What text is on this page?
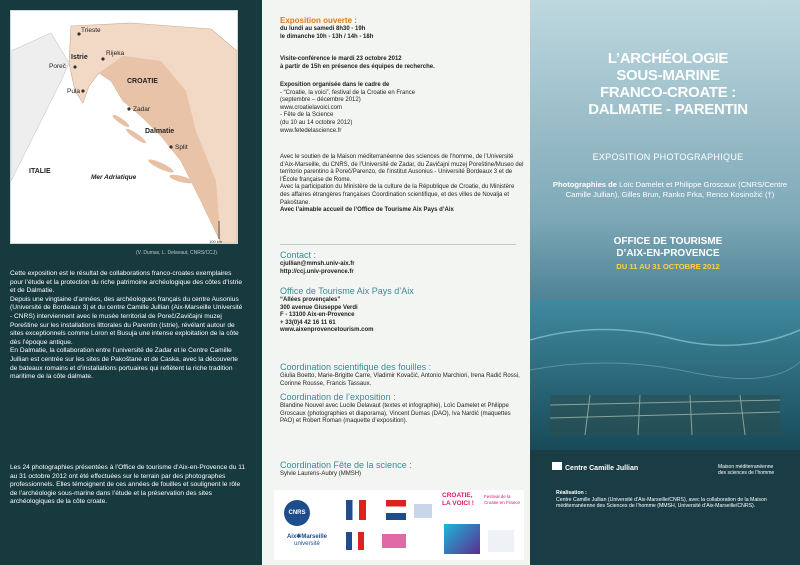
100 km
Trieste
Istrie
Rijeka
Poreč
Pula
CROATIE
Zadar
Dalmatie
Split
ITALIE
Mer Adriatique
(V. Dumas, L. Delavaut, CNRS/CCJ).

Cette exposition est le résultat de collaborations franco-croates exemplaires pour l’étude et la protection du riche patrimoine archéologique des côtes d’Istrie et de Dalmatie.

Depuis une vingtaine d’années, des archéologues français du centre Ausonius (Université de Bordeaux 3) et du centre Camille Jullian (Aix-Marseille Université - CNRS) interviennent avec le musée territorial de Poreč/Zavičajni muzej Poreštine sur les installations littorales du Parentin (Istrie), révélant autour de sites exceptionnels comme Loron et Busuja une intense exploitation de la côte dès l’époque antique.

En Dalmatie, la collaboration entre l’université de Zadar et le Centre Camille Jullian est centrée sur les sites de Pakoštane et de Caska, avec la découverte de bateaux romains et d’installations portuaires qui reflètent la riche tradition maritime de la côte dalmate.

Les 24 photographies présentées à l’Office de tourisme d’Aix-en-Provence du 11 au 31 octobre 2012 ont été effectuées sur le terrain par des photographes professionnels. Elles témoignent de ces années de fouilles et soulignent le rôle de l’archéologie sous-marine dans l’étude et la préservation des sites archéologiques de la côte croate.

Exposition ouverte :

du lundi au samedi 8h30 - 19h

le dimanche 10h - 13h / 14h - 18h

Visite-conférence le mardi 23 octobre 2012

à partir de 15h en présence des équipes de recherche.

Exposition organisée dans le cadre de

- “Croatie, la voici”, festival de la Croatie en France

(septembre – décembre 2012)

www.croatielavoici.com

- Fête de la Science

(du 10 au 14 octobre 2012)

www.fetedelascience.fr

Avec le soutien de la Maison méditerranéenne des sciences de l’homme, de l’Université d’Aix-Marseille, du CNRS, de l’Université de Zadar, du Zavičajni muzej Poreštine/Museo del territorio parentino à Poreč/Parenzo, de l’institut Ausonius - Université Bordeaux 3 et de l’École française de Rome.

Avec la participation du Ministère de la culture de la République de Croatie, du Ministère des affaires étrangères françaises Coordination scientifique, et des villes de Novalja et Pakoštane.

Avec l’aimable accueil de l’Office de Tourisme Aix Pays d’Aix

Contact :

cjullian@mmsh.univ-aix.fr

http://ccj.univ-provence.fr

Office de Tourisme Aix Pays d’Aix

“Allées provençales”

300 avenue Giuseppe Verdi

F - 13100 Aix-en-Provence

+ 33(0)4 42 16 11 61

www.aixenprovencetourism.com

Coordination scientifique des fouilles :

Giulia Boetto, Marie-Brigitte Carre, Vladimir Kovačić, Antonio Marchiori, Irena Radić Rossi, Corinne Rousse, Francis Tassaux.

Coordination de l’exposition :

Blandine Nouvel avec Lucile Delavaut (textes et infographie), Loïc Damelet et Philippe Groscaux (photographies et diaporama), Vincent Dumas (DAO), Iva Nardić (maquettes PAO) et Robert Roman (maquette d’exposition).

Coordination Fête de la science :

Sylvie Laurens-Aubry (MMSH)

CNRS
Aix✱Marseille
université
CROATIE,
LA VOICI !
Festival de la Croatie en France
L’ARCHÉOLOGIE
SOUS-MARINE
FRANCO-CROATE :
DALMATIE - PARENTIN
EXPOSITION PHOTOGRAPHIQUE
Photographies de Loïc Damelet et Philippe Groscaux (CNRS/Centre Camille Jullian), Gilles Brun, Ranko Frka, Renco Kosinožić (†)
OFFICE DE TOURISME
D’AIX-EN-PROVENCE
DU 11 AU 31 OCTOBRE 2012
Centre Camille Jullian	Maison méditerranéenne
des sciences de l’homme
Réalisation :
Centre Camille Jullian (Université d’Aix-Marseille/CNRS), avec la collaboration de la Maison méditerranéenne des Sciences de l’homme (MMSH, Université d’Aix-Marseille/CNRS).
